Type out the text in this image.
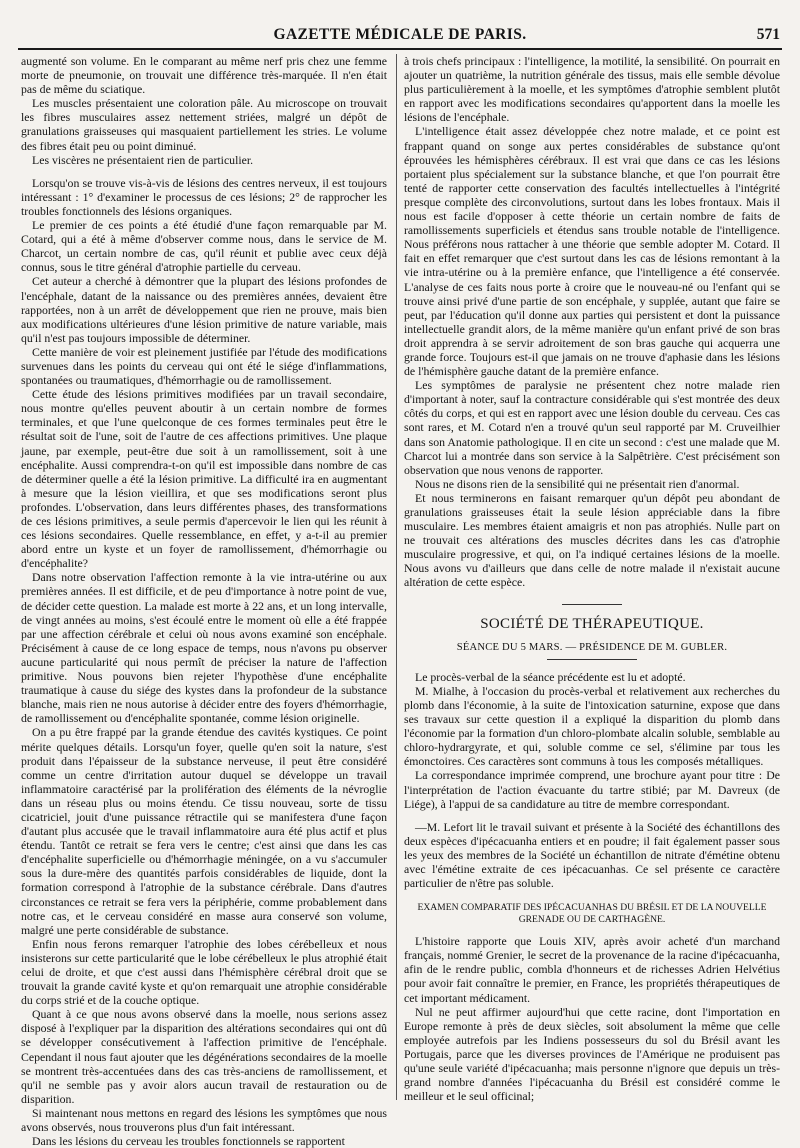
GAZETTE MÉDICALE DE PARIS.	571

augmenté son volume. En le comparant au même nerf pris chez une femme morte de pneumonie, on trouvait une différence très-marquée. Il n'en était pas de même du sciatique.

Les muscles présentaient une coloration pâle. Au microscope on trouvait les fibres musculaires assez nettement striées, malgré un dépôt de granulations graisseuses qui masquaient partiellement les stries. Le volume des fibres était peu ou point diminué.

Les viscères ne présentaient rien de particulier.

Lorsqu'on se trouve vis-à-vis de lésions des centres nerveux, il est toujours intéressant : 1° d'examiner le processus de ces lésions; 2° de rapprocher les troubles fonctionnels des lésions organiques.

Le premier de ces points a été étudié d'une façon remarquable par M. Cotard, qui a été à même d'observer comme nous, dans le service de M. Charcot, un certain nombre de cas, qu'il réunit et publie avec ceux déjà connus, sous le titre général d'atrophie partielle du cerveau.

Cet auteur a cherché à démontrer que la plupart des lésions profondes de l'encéphale, datant de la naissance ou des premières années, devaient être rapportées, non à un arrêt de développement que rien ne prouve, mais bien aux modifications ultérieures d'une lésion primitive de nature variable, mais qu'il n'est pas toujours impossible de déterminer.

Cette manière de voir est pleinement justifiée par l'étude des modifications survenues dans les points du cerveau qui ont été le siége d'inflammations, spontanées ou traumatiques, d'hémorrhagie ou de ramollissement.

Cette étude des lésions primitives modifiées par un travail secondaire, nous montre qu'elles peuvent aboutir à un certain nombre de formes terminales, et que l'une quelconque de ces formes terminales peut être le résultat soit de l'une, soit de l'autre de ces affections primitives. Une plaque jaune, par exemple, peut-être due soit à un ramollissement, soit à une encéphalite. Aussi comprendra-t-on qu'il est impossible dans nombre de cas de déterminer quelle a été la lésion primitive. La difficulté ira en augmentant à mesure que la lésion vieillira, et que ses modifications seront plus profondes. L'observation, dans leurs différentes phases, des transformations de ces lésions primitives, a seule permis d'apercevoir le lien qui les réunit à ces lésions secondaires. Quelle ressemblance, en effet, y a-t-il au premier abord entre un kyste et un foyer de ramollissement, d'hémorrhagie ou d'encéphalite?

Dans notre observation l'affection remonte à la vie intra-utérine ou aux premières années. Il est difficile, et de peu d'importance à notre point de vue, de décider cette question. La malade est morte à 22 ans, et un long intervalle, de vingt années au moins, s'est écoulé entre le moment où elle a été frappée par une affection cérébrale et celui où nous avons examiné son encéphale. Précisément à cause de ce long espace de temps, nous n'avons pu observer aucune particularité qui nous permît de préciser la nature de l'affection primitive. Nous pouvons bien rejeter l'hypothèse d'une encéphalite traumatique à cause du siége des kystes dans la profondeur de la substance blanche, mais rien ne nous autorise à décider entre des foyers d'hémorrhagie, de ramollissement ou d'encéphalite spontanée, comme lésion originelle.

On a pu être frappé par la grande étendue des cavités kystiques. Ce point mérite quelques détails. Lorsqu'un foyer, quelle qu'en soit la nature, s'est produit dans l'épaisseur de la substance nerveuse, il peut être considéré comme un centre d'irritation autour duquel se développe un travail inflammatoire caractérisé par la prolifération des éléments de la névroglie dans un réseau plus ou moins étendu. Ce tissu nouveau, sorte de tissu cicatriciel, jouit d'une puissance rétractile qui se manifestera d'une façon d'autant plus accusée que le travail inflammatoire aura été plus actif et plus étendu. Tantôt ce retrait se fera vers le centre; c'est ainsi que dans les cas d'encéphalite superficielle ou d'hémorrhagie méningée, on a vu s'accumuler sous la dure-mère des quantités parfois considérables de liquide, dont la formation correspond à l'atrophie de la substance cérébrale. Dans d'autres circonstances ce retrait se fera vers la périphérie, comme probablement dans notre cas, et le cerveau considéré en masse aura conservé son volume, malgré une perte considérable de substance.

Enfin nous ferons remarquer l'atrophie des lobes cérébelleux et nous insisterons sur cette particularité que le lobe cérébelleux le plus atrophié était celui de droite, et que c'est aussi dans l'hémisphère cérébral droit que se trouvait la grande cavité kyste et qu'on remarquait une atrophie considérable du corps strié et de la couche optique.

Quant à ce que nous avons observé dans la moelle, nous serions assez disposé à l'expliquer par la disparition des altérations secondaires qui ont dû se développer consécutivement à l'affection primitive de l'encéphale. Cependant il nous faut ajouter que les dégénérations secondaires de la moelle se montrent très-accentuées dans des cas très-anciens de ramollissement, et qu'il ne semble pas y avoir alors aucun travail de restauration ou de disparition.

Si maintenant nous mettons en regard des lésions les symptômes que nous avons observés, nous trouverons plus d'un fait intéressant.

Dans les lésions du cerveau les troubles fonctionnels se rapportent

à trois chefs principaux : l'intelligence, la motilité, la sensibilité. On pourrait en ajouter un quatrième, la nutrition générale des tissus, mais elle semble dévolue plus particulièrement à la moelle, et les symptômes d'atrophie semblent plutôt en rapport avec les modifications secondaires qu'apportent dans la moelle les lésions de l'encéphale.

L'intelligence était assez développée chez notre malade, et ce point est frappant quand on songe aux pertes considérables de substance qu'ont éprouvées les hémisphères cérébraux. Il est vrai que dans ce cas les lésions portaient plus spécialement sur la substance blanche, et que l'on pourrait être tenté de rapporter cette conservation des facultés intellectuelles à l'intégrité presque complète des circonvolutions, surtout dans les lobes frontaux. Mais il nous est facile d'opposer à cette théorie un certain nombre de faits de ramollissements superficiels et étendus sans trouble notable de l'intelligence. Nous préférons nous rattacher à une théorie que semble adopter M. Cotard. Il fait en effet remarquer que c'est surtout dans les cas de lésions remontant à la vie intra-utérine ou à la première enfance, que l'intelligence a été conservée. L'analyse de ces faits nous porte à croire que le nouveau-né ou l'enfant qui se trouve ainsi privé d'une partie de son encéphale, y supplée, autant que faire se peut, par l'éducation qu'il donne aux parties qui persistent et dont la puissance intellectuelle grandit alors, de la même manière qu'un enfant privé de son bras droit apprendra à se servir adroitement de son bras gauche qui acquerra une grande force. Toujours est-il que jamais on ne trouve d'aphasie dans les lésions de l'hémisphère gauche datant de la première enfance.

Les symptômes de paralysie ne présentent chez notre malade rien d'important à noter, sauf la contracture considérable qui s'est montrée des deux côtés du corps, et qui est en rapport avec une lésion double du cerveau. Ces cas sont rares, et M. Cotard n'en a trouvé qu'un seul rapporté par M. Cruveilhier dans son Anatomie pathologique. Il en cite un second : c'est une malade que M. Charcot lui a montrée dans son service à la Salpêtrière. C'est précisément son observation que nous venons de rapporter.

Nous ne disons rien de la sensibilité qui ne présentait rien d'anormal.

Et nous terminerons en faisant remarquer qu'un dépôt peu abondant de granulations graisseuses était la seule lésion appréciable dans la fibre musculaire. Les membres étaient amaigris et non pas atrophiés. Nulle part on ne trouvait ces altérations des muscles décrites dans les cas d'atrophie musculaire progressive, et qui, on l'a indiqué certaines lésions de la moelle. Nous avons vu d'ailleurs que dans celle de notre malade il n'existait aucune altération de cette espèce.

SOCIÉTÉ DE THÉRAPEUTIQUE.
SÉANCE DU 5 MARS. — PRÉSIDENCE DE M. GUBLER.

Le procès-verbal de la séance précédente est lu et adopté.

M. Mialhe, à l'occasion du procès-verbal et relativement aux recherches du plomb dans l'économie, à la suite de l'intoxication saturnine, expose que dans ses travaux sur cette question il a expliqué la disparition du plomb dans l'économie par la formation d'un chloro-plombate alcalin soluble, semblable au chloro-hydrargyrate, et qui, soluble comme ce sel, s'élimine par tous les émonctoires. Ces caractères sont communs à tous les composés métalliques.

La correspondance imprimée comprend, une brochure ayant pour titre : De l'interprétation de l'action évacuante du tartre stibié; par M. Davreux (de Liége), à l'appui de sa candidature au titre de membre correspondant.

—M. Lefort lit le travail suivant et présente à la Société des échantillons des deux espèces d'ipécacuanha entiers et en poudre; il fait également passer sous les yeux des membres de la Société un échantillon de nitrate d'émétine obtenu avec l'émétine extraite de ces ipécacuanhas. Ce sel présente ce caractère particulier de n'être pas soluble.

EXAMEN COMPARATIF DES IPÉCACUANHAS DU BRÉSIL ET DE LA NOUVELLE GRENADE OU DE CARTHAGÈNE.

L'histoire rapporte que Louis XIV, après avoir acheté d'un marchand français, nommé Grenier, le secret de la provenance de la racine d'ipécacuanha, afin de le rendre public, combla d'honneurs et de richesses Adrien Helvétius pour avoir fait connaître le premier, en France, les propriétés thérapeutiques de cet important médicament.

Nul ne peut affirmer aujourd'hui que cette racine, dont l'importation en Europe remonte à près de deux siècles, soit absolument la même que celle employée autrefois par les Indiens possesseurs du sol du Brésil avant les Portugais, parce que les diverses provinces de l'Amérique ne produisent pas qu'une seule variété d'ipécacuanha; mais personne n'ignore que depuis un très-grand nombre d'années l'ipécacuanha du Brésil est considéré comme le meilleur et le seul officinal;
